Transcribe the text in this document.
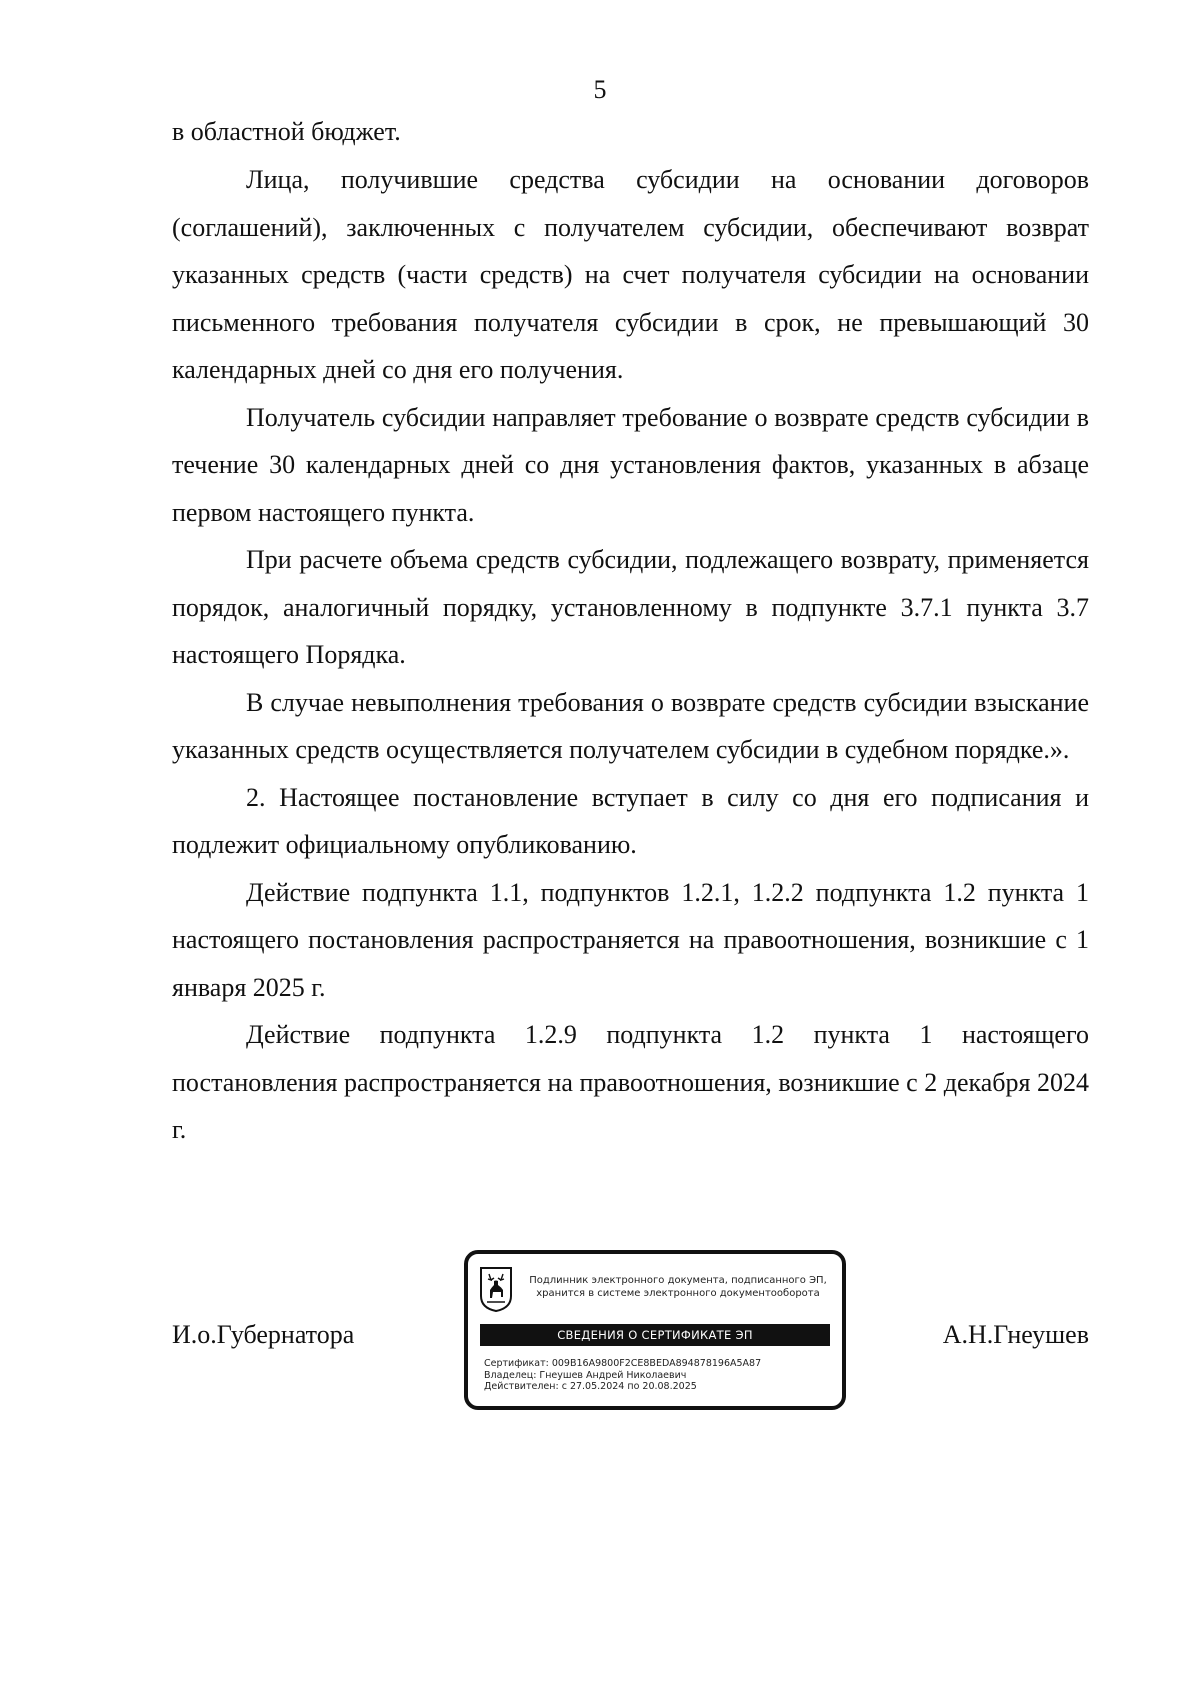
5

в областной бюджет.

Лица, получившие средства субсидии на основании договоров (соглашений), заключенных с получателем субсидии, обеспечивают возврат указанных средств (части средств) на счет получателя субсидии на основании письменного требования получателя субсидии в срок, не превышающий 30 календарных дней со дня его получения.

Получатель субсидии направляет требование о возврате средств субсидии в течение 30 календарных дней со дня установления фактов, указанных в абзаце первом настоящего пункта.

При расчете объема средств субсидии, подлежащего возврату, применяется порядок, аналогичный порядку, установленному в подпункте 3.7.1 пункта 3.7 настоящего Порядка.

В случае невыполнения требования о возврате средств субсидии взыскание указанных средств осуществляется получателем субсидии в судебном порядке.».

2. Настоящее постановление вступает в силу со дня его подписания и подлежит официальному опубликованию.

Действие подпункта 1.1, подпунктов 1.2.1, 1.2.2 подпункта 1.2 пункта 1 настоящего постановления распространяется на правоотношения, возникшие с 1 января 2025 г.

Действие подпункта 1.2.9 подпункта 1.2 пункта 1 настоящего постановления распространяется на правоотношения, возникшие с 2 декабря 2024 г.

И.о.Губернатора
Подлинник электронного документа, подписанного ЭП,
хранится в системе электронного документооборота
СВЕДЕНИЯ О СЕРТИФИКАТЕ ЭП
Сертификат: 009B16A9800F2CE8BEDA894878196A5A87
Владелец: Гнеушев Андрей Николаевич
Действителен: с 27.05.2024 по 20.08.2025
А.Н.Гнеушев
